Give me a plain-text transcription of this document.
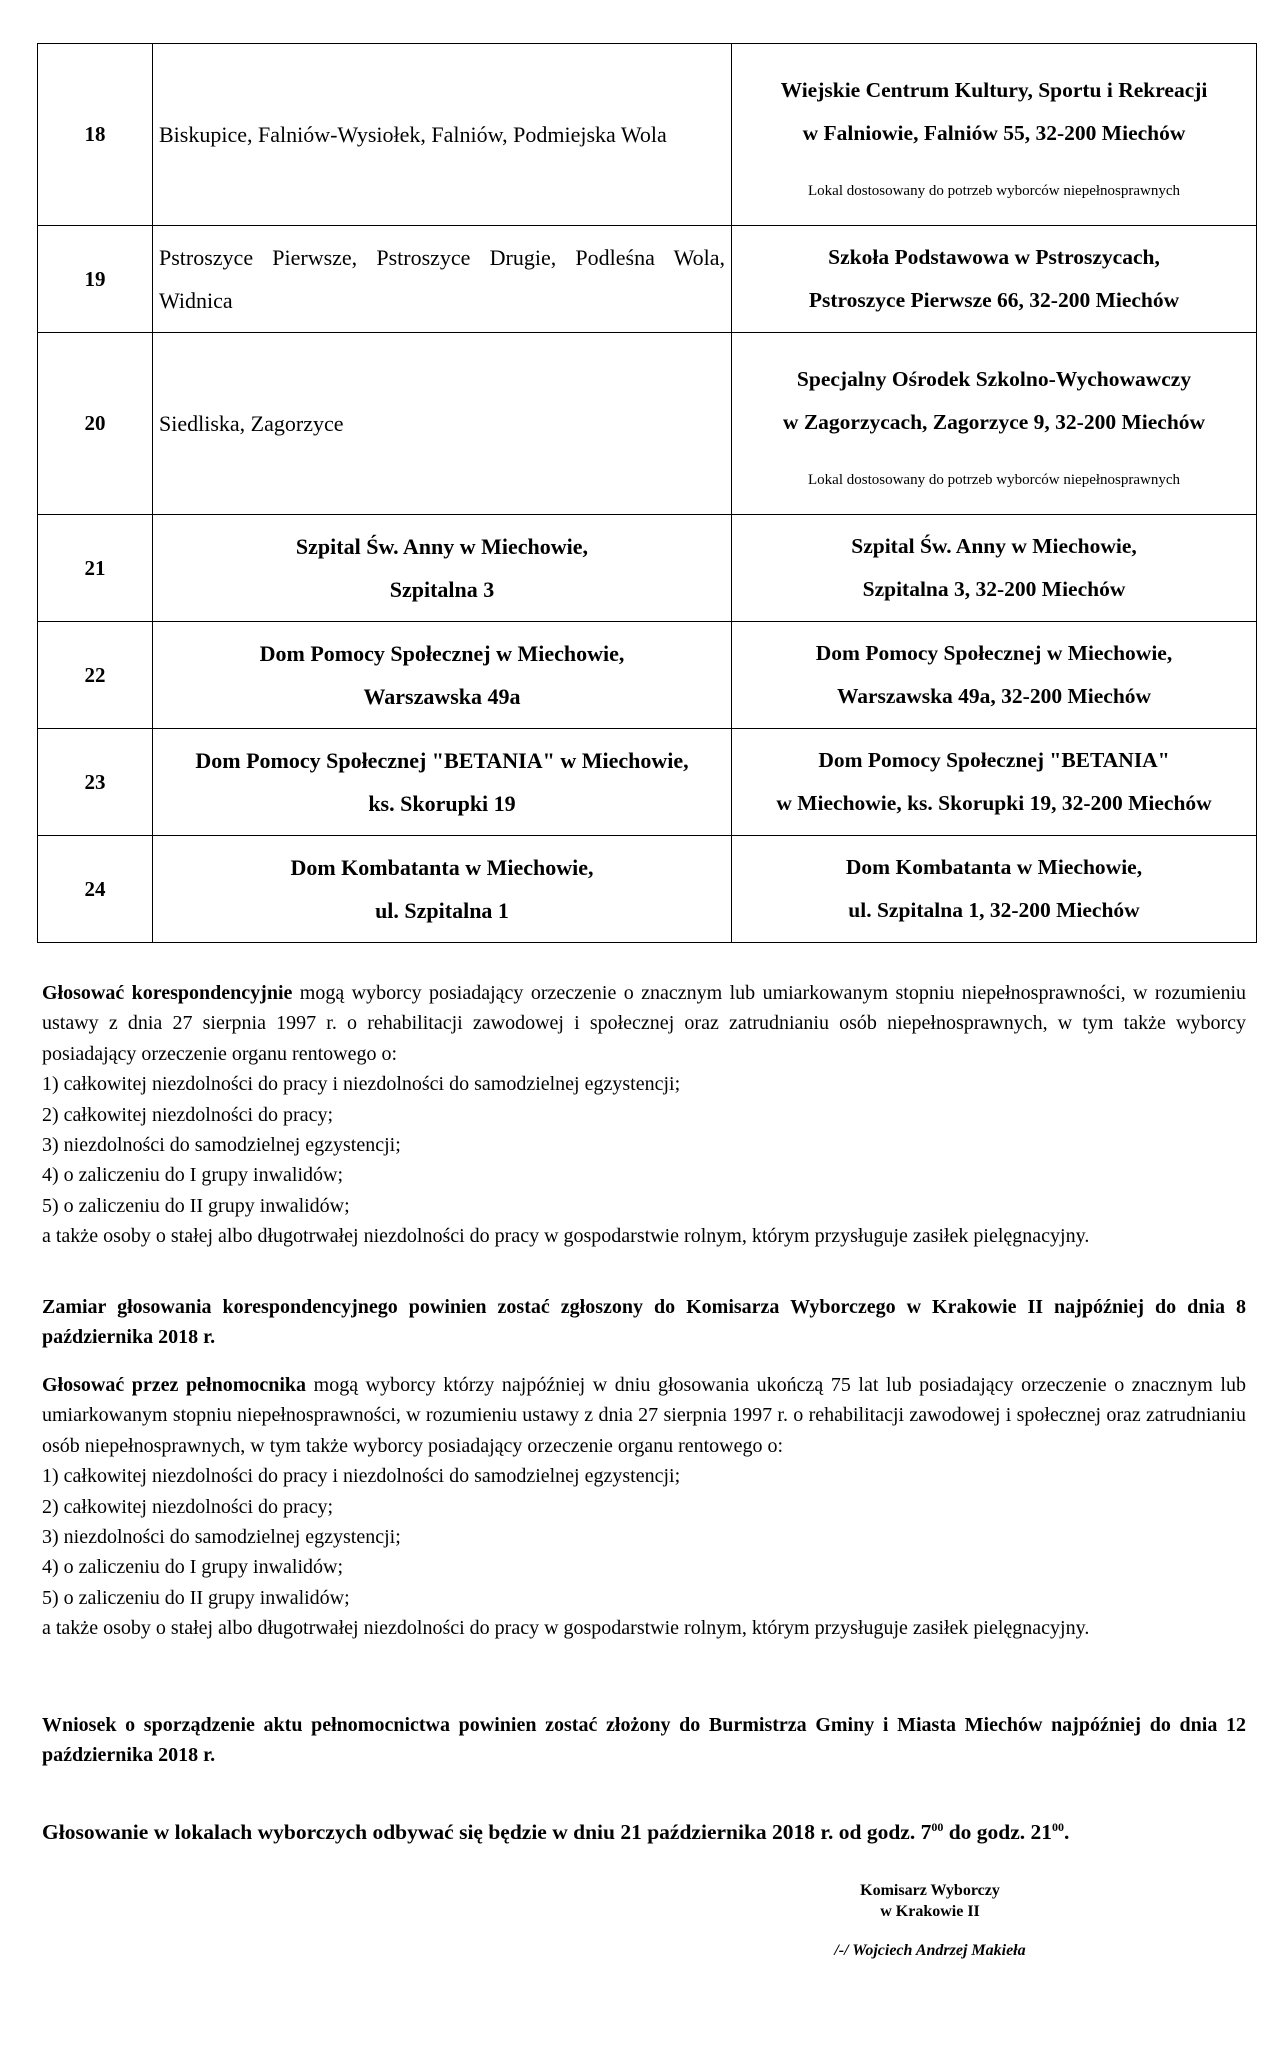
18	Biskupice, Falniów-Wysiołek, Falniów, Podmiejska Wola	Wiejskie Centrum Kultury, Sportu i Rekreacji
w Falniowie, Falniów 55, 32-200 Miechów
Lokal dostosowany do potrzeb wyborców niepełnosprawnych

19	Pstroszyce Pierwsze, Pstroszyce Drugie, Podleśna Wola, Widnica	Szkoła Podstawowa w Pstroszycach,
Pstroszyce Pierwsze 66, 32-200 Miechów

20	Siedliska, Zagorzyce	Specjalny Ośrodek Szkolno-Wychowawczy
w Zagorzycach, Zagorzyce 9, 32-200 Miechów
Lokal dostosowany do potrzeb wyborców niepełnosprawnych

21	Szpital Św. Anny w Miechowie,
Szpitalna 3	Szpital Św. Anny w Miechowie,
Szpitalna 3, 32-200 Miechów

22	Dom Pomocy Społecznej w Miechowie,
Warszawska 49a	Dom Pomocy Społecznej w Miechowie,
Warszawska 49a, 32-200 Miechów

23	Dom Pomocy Społecznej "BETANIA" w Miechowie,
ks. Skorupki 19	Dom Pomocy Społecznej "BETANIA"
w Miechowie, ks. Skorupki 19, 32-200 Miechów

24	Dom Kombatanta w Miechowie,
ul. Szpitalna 1	Dom Kombatanta w Miechowie,
ul. Szpitalna 1, 32-200 Miechów

Głosować korespondencyjnie mogą wyborcy posiadający orzeczenie o znacznym lub umiarkowanym stopniu niepełnosprawności, w rozumieniu ustawy z dnia 27 sierpnia 1997 r. o rehabilitacji zawodowej i społecznej oraz zatrudnianiu osób niepełnosprawnych, w tym także wyborcy posiadający orzeczenie organu rentowego o:

1) całkowitej niezdolności do pracy i niezdolności do samodzielnej egzystencji;

2) całkowitej niezdolności do pracy;

3) niezdolności do samodzielnej egzystencji;

4) o zaliczeniu do I grupy inwalidów;

5) o zaliczeniu do II grupy inwalidów;

a także osoby o stałej albo długotrwałej niezdolności do pracy w gospodarstwie rolnym, którym przysługuje zasiłek pielęgnacyjny.

Zamiar głosowania korespondencyjnego powinien zostać zgłoszony do Komisarza Wyborczego w Krakowie II najpóźniej do dnia 8 października 2018 r.

Głosować przez pełnomocnika mogą wyborcy którzy najpóźniej w dniu głosowania ukończą 75 lat lub posiadający orzeczenie o znacznym lub umiarkowanym stopniu niepełnosprawności, w rozumieniu ustawy z dnia 27 sierpnia 1997 r. o rehabilitacji zawodowej i społecznej oraz zatrudnianiu osób niepełnosprawnych, w tym także wyborcy posiadający orzeczenie organu rentowego o:

1) całkowitej niezdolności do pracy i niezdolności do samodzielnej egzystencji;

2) całkowitej niezdolności do pracy;

3) niezdolności do samodzielnej egzystencji;

4) o zaliczeniu do I grupy inwalidów;

5) o zaliczeniu do II grupy inwalidów;

a także osoby o stałej albo długotrwałej niezdolności do pracy w gospodarstwie rolnym, którym przysługuje zasiłek pielęgnacyjny.

Wniosek o sporządzenie aktu pełnomocnictwa powinien zostać złożony do Burmistrza Gminy i Miasta Miechów najpóźniej do dnia 12 października 2018 r.

Głosowanie w lokalach wyborczych odbywać się będzie w dniu 21 października 2018 r. od godz. $7^{00}$ do godz. $21^{00}$.
Komisarz Wyborczy
w Krakowie II
/-/ Wojciech Andrzej Makieła
